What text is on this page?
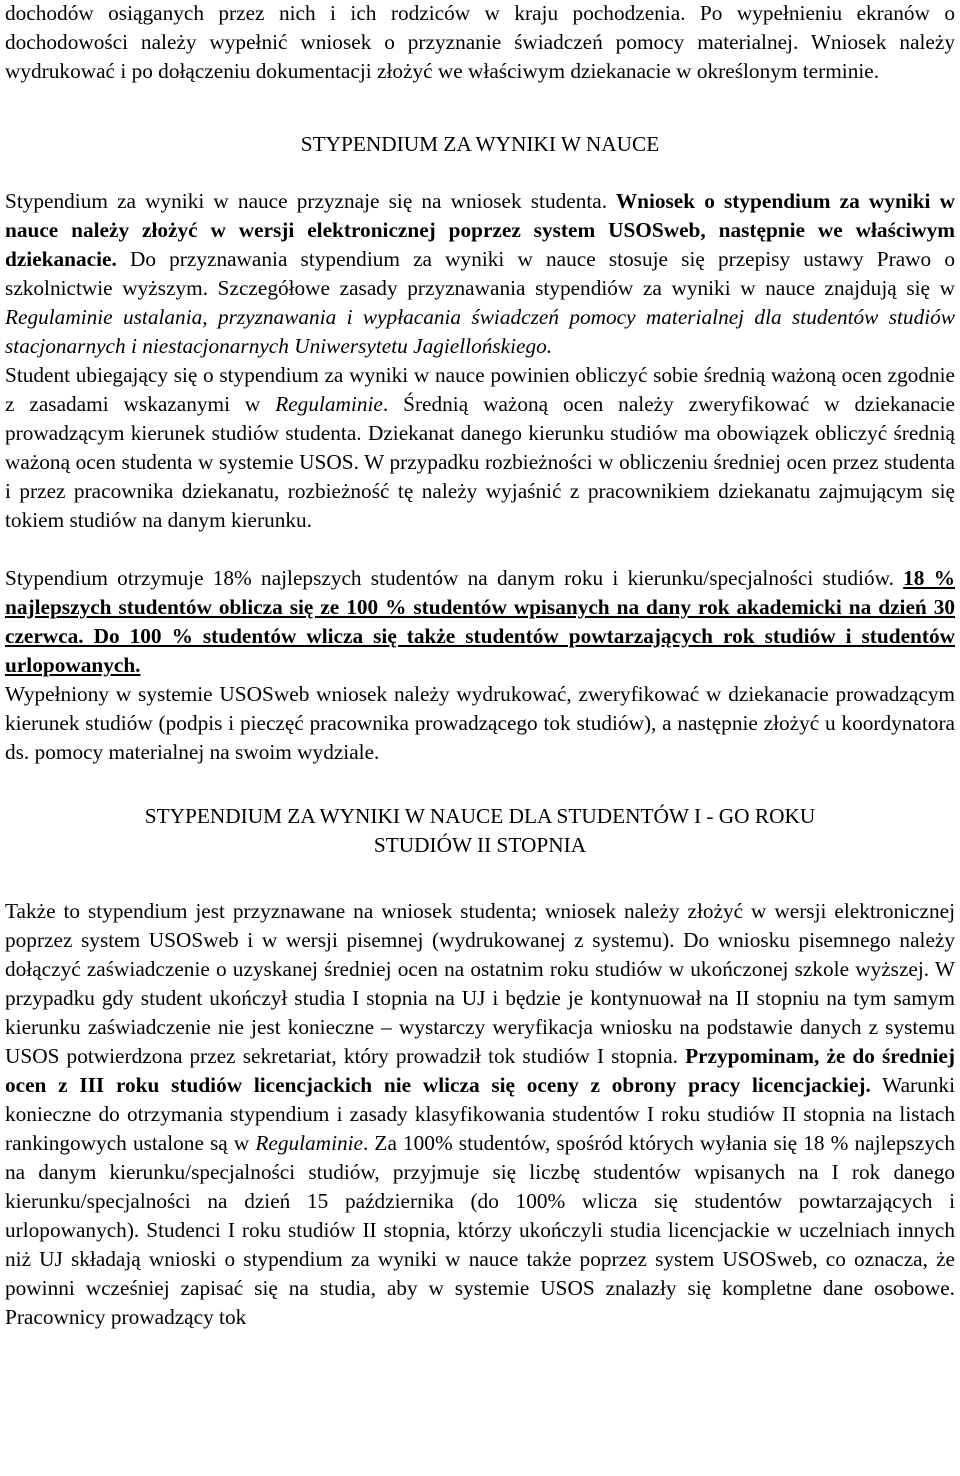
dochodów osiąganych przez nich i ich rodziców w kraju pochodzenia. Po wypełnieniu ekranów o dochodowości należy wypełnić wniosek o przyznanie świadczeń pomocy materialnej. Wniosek należy wydrukować i po dołączeniu dokumentacji złożyć we właściwym dziekanacie w określonym terminie.

STYPENDIUM ZA WYNIKI W NAUCE

Stypendium za wyniki w nauce przyznaje się na wniosek studenta. Wniosek o stypendium za wyniki w nauce należy złożyć w wersji elektronicznej poprzez system USOSweb, następnie we właściwym dziekanacie. Do przyznawania stypendium za wyniki w nauce stosuje się przepisy ustawy Prawo o szkolnictwie wyższym. Szczegółowe zasady przyznawania stypendiów za wyniki w nauce znajdują się w Regulaminie ustalania, przyznawania i wypłacania świadczeń pomocy materialnej dla studentów studiów stacjonarnych i niestacjonarnych Uniwersytetu Jagiellońskiego.

Student ubiegający się o stypendium za wyniki w nauce powinien obliczyć sobie średnią ważoną ocen zgodnie z zasadami wskazanymi w Regulaminie. Średnią ważoną ocen należy zweryfikować w dziekanacie prowadzącym kierunek studiów studenta. Dziekanat danego kierunku studiów ma obowiązek obliczyć średnią ważoną ocen studenta w systemie USOS. W przypadku rozbieżności w obliczeniu średniej ocen przez studenta i przez pracownika dziekanatu, rozbieżność tę należy wyjaśnić z pracownikiem dziekanatu zajmującym się tokiem studiów na danym kierunku.

Stypendium otrzymuje 18% najlepszych studentów na danym roku i kierunku/specjalności studiów. 18 % najlepszych studentów oblicza się ze 100 % studentów wpisanych na dany rok akademicki na dzień 30 czerwca. Do 100 % studentów wlicza się także studentów powtarzających rok studiów i studentów urlopowanych.

Wypełniony w systemie USOSweb wniosek należy wydrukować, zweryfikować w dziekanacie prowadzącym kierunek studiów (podpis i pieczęć pracownika prowadzącego tok studiów), a następnie złożyć u koordynatora ds. pomocy materialnej na swoim wydziale.

STYPENDIUM ZA WYNIKI W NAUCE DLA STUDENTÓW I - GO ROKU
STUDIÓW II STOPNIA

Także to stypendium jest przyznawane na wniosek studenta; wniosek należy złożyć w wersji elektronicznej poprzez system USOSweb i w wersji pisemnej (wydrukowanej z systemu). Do wniosku pisemnego należy dołączyć zaświadczenie o uzyskanej średniej ocen na ostatnim roku studiów w ukończonej szkole wyższej. W przypadku gdy student ukończył studia I stopnia na UJ i będzie je kontynuował na II stopniu na tym samym kierunku zaświadczenie nie jest konieczne – wystarczy weryfikacja wniosku na podstawie danych z systemu USOS potwierdzona przez sekretariat, który prowadził tok studiów I stopnia. Przypominam, że do średniej ocen z III roku studiów licencjackich nie wlicza się oceny z obrony pracy licencjackiej. Warunki konieczne do otrzymania stypendium i zasady klasyfikowania studentów I roku studiów II stopnia na listach rankingowych ustalone są w Regulaminie. Za 100% studentów, spośród których wyłania się 18 % najlepszych na danym kierunku/specjalności studiów, przyjmuje się liczbę studentów wpisanych na I rok danego kierunku/specjalności na dzień 15 października (do 100% wlicza się studentów powtarzających i urlopowanych). Studenci I roku studiów II stopnia, którzy ukończyli studia licencjackie w uczelniach innych niż UJ składają wnioski o stypendium za wyniki w nauce także poprzez system USOSweb, co oznacza, że powinni wcześniej zapisać się na studia, aby w systemie USOS znalazły się kompletne dane osobowe. Pracownicy prowadzący tok
